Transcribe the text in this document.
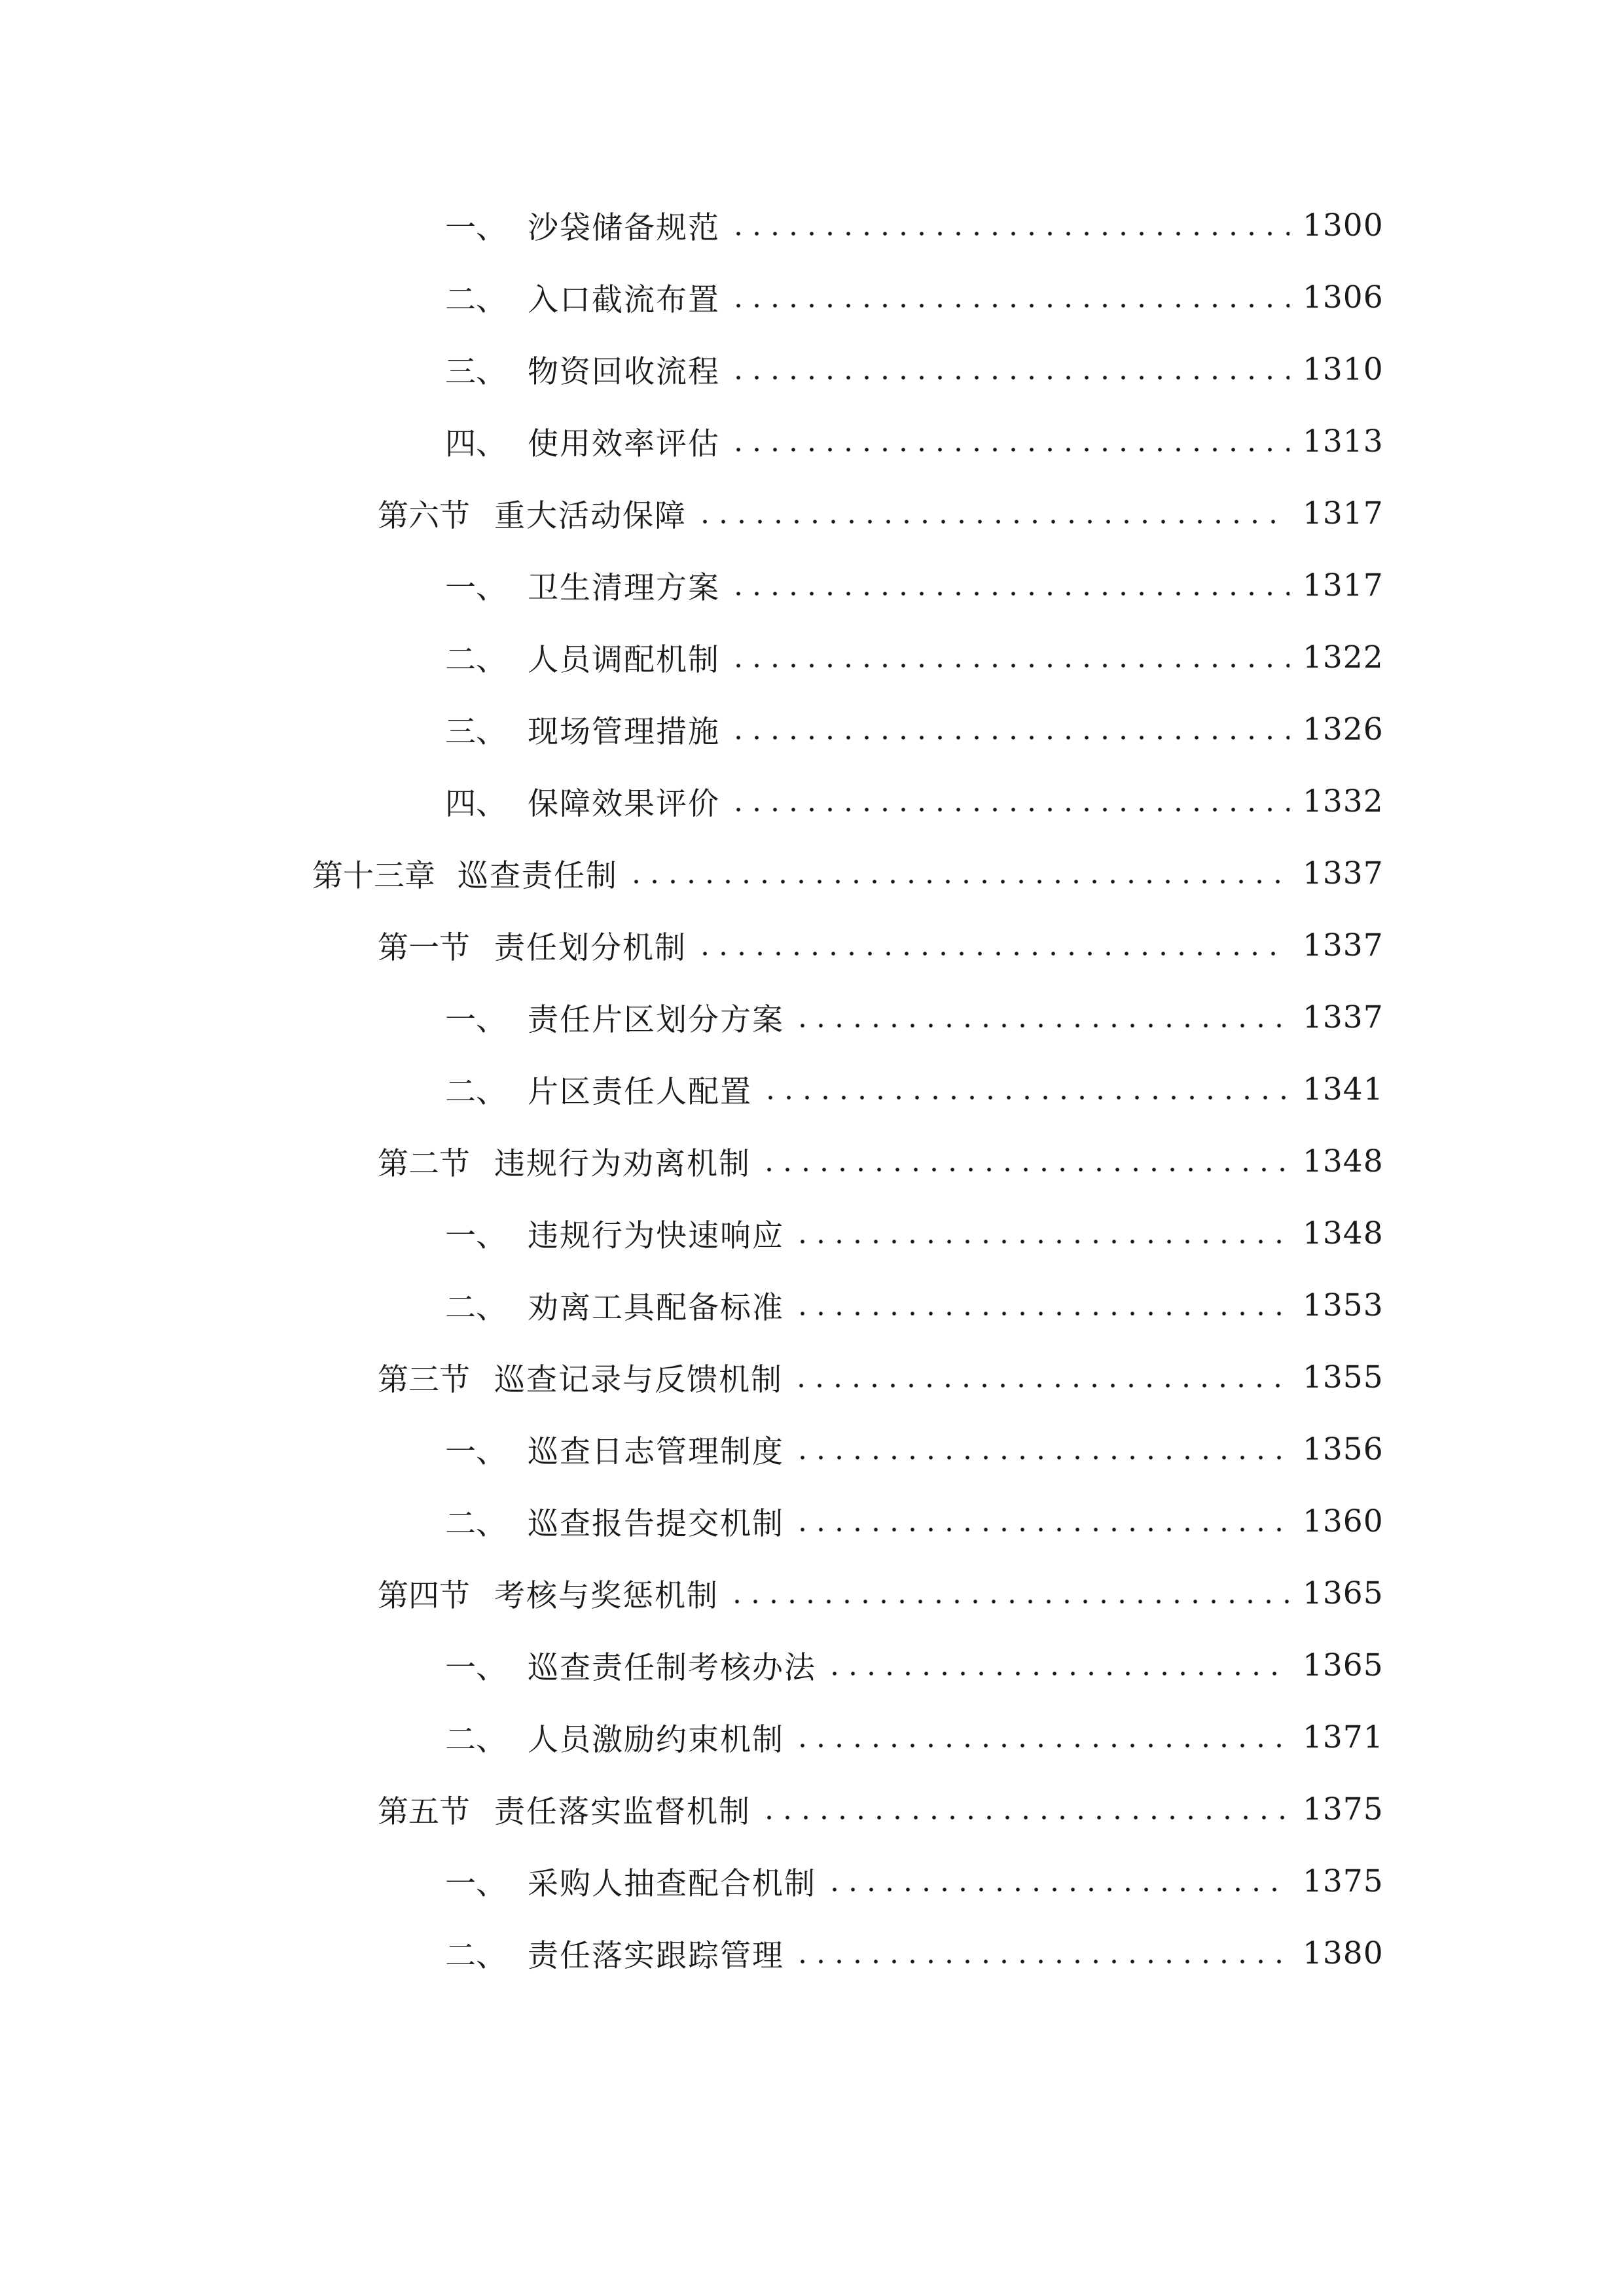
一、 沙袋储备规范	1300
二、 入口截流布置	1306
三、 物资回收流程	1310
四、 使用效率评估	1313
第六节 重大活动保障	1317
一、 卫生清理方案	1317
二、 人员调配机制	1322
三、 现场管理措施	1326
四、 保障效果评价	1332
第十三章 巡查责任制	1337
第一节 责任划分机制	1337
一、 责任片区划分方案	1337
二、 片区责任人配置	1341
第二节 违规行为劝离机制	1348
一、 违规行为快速响应	1348
二、 劝离工具配备标准	1353
第三节 巡查记录与反馈机制	1355
一、 巡查日志管理制度	1356
二、 巡查报告提交机制	1360
第四节 考核与奖惩机制	1365
一、 巡查责任制考核办法	1365
二、 人员激励约束机制	1371
第五节 责任落实监督机制	1375
一、 采购人抽查配合机制	1375
二、 责任落实跟踪管理	1380
